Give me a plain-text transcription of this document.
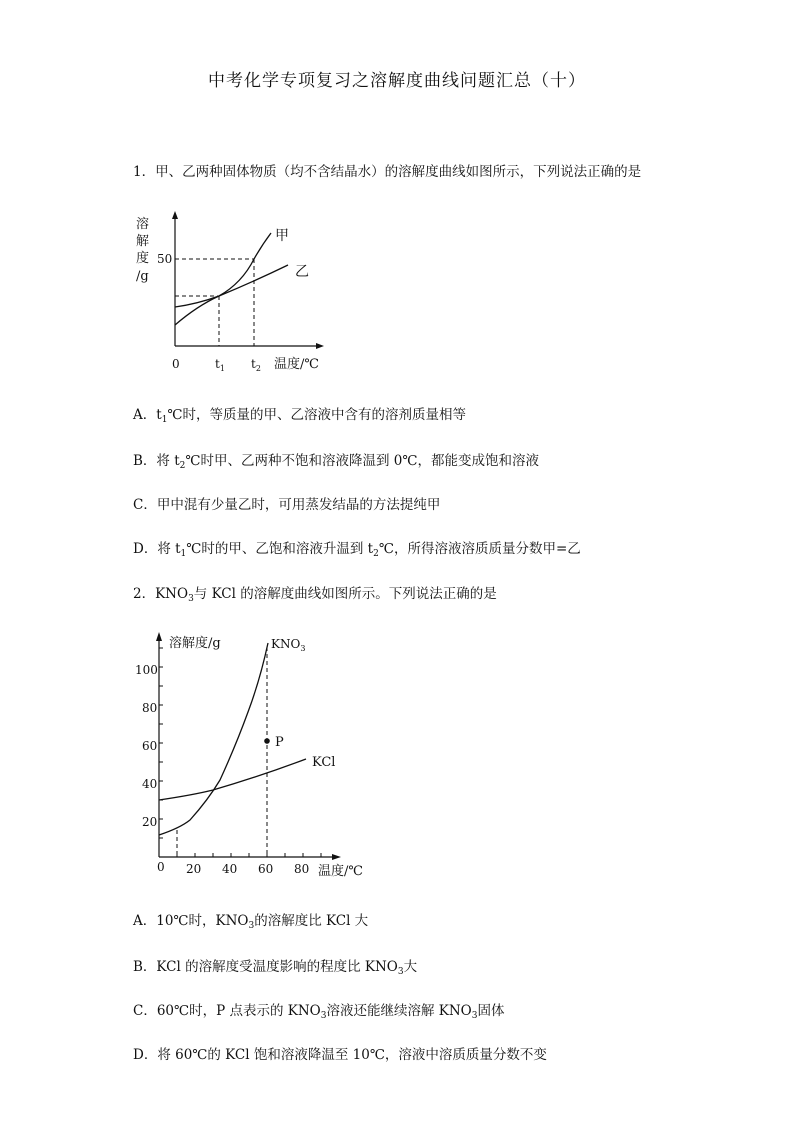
中考化学专项复习之溶解度曲线问题汇总（十）
1．甲、乙两种固体物质（均不含结晶水）的溶解度曲线如图所示，下列说法正确的是
溶
解
度
/g
50
甲
乙
0	$t_1$ $t_2$ 温度/℃
A．$t_1℃$时，等质量的甲、乙溶液中含有的溶剂质量相等
B．将 $t_2℃$时甲、乙两种不饱和溶液降温到 0℃，都能变成饱和溶液
C．甲中混有少量乙时，可用蒸发结晶的方法提纯甲
D．将 $t_1℃$时的甲、乙饱和溶液升温到 $t_2℃$，所得溶液溶质质量分数甲=乙
2．$KNO_3$与 KCl 的溶解度曲线如图所示。下列说法正确的是
溶解度/g
温度/℃
100
80
60
40
20
0 20 40 60 80
P
$KNO_3$
KCl
A．10℃时，$KNO_3$的溶解度比 KCl 大
B．KCl 的溶解度受温度影响的程度比 $KNO_3$大
C．60℃时，P 点表示的 $KNO_3$溶液还能继续溶解 $KNO_3$固体
D．将 60℃的 KCl 饱和溶液降温至 10℃，溶液中溶质质量分数不变
